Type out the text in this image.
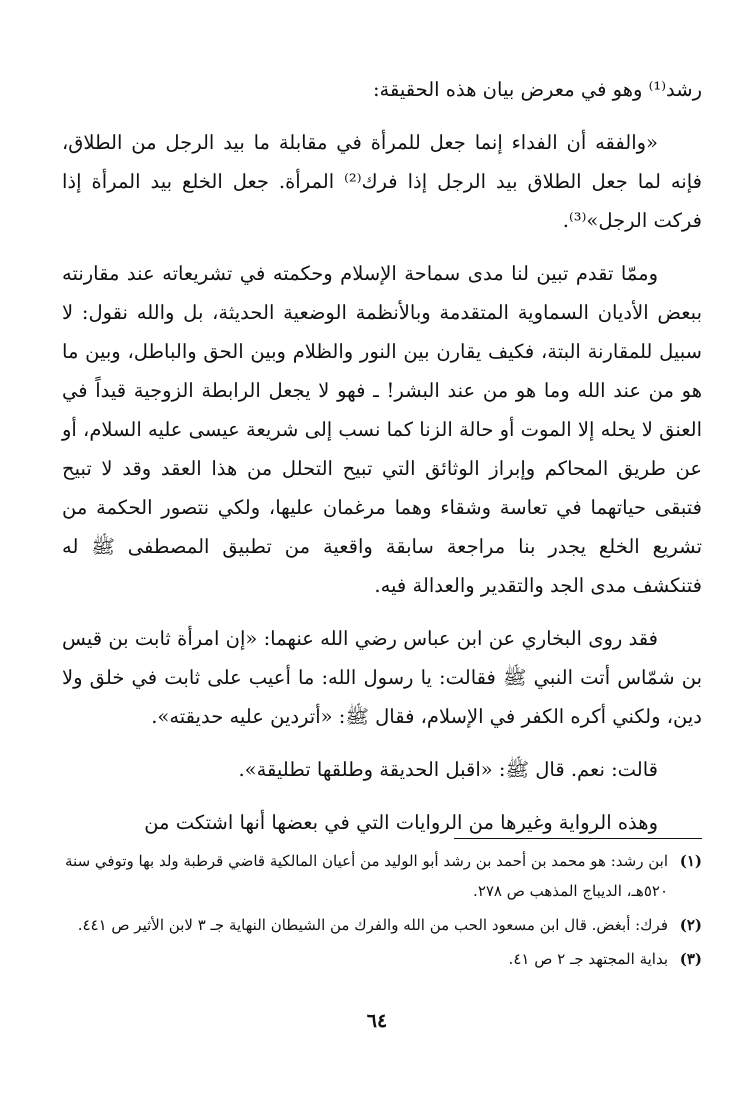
رشد⁽¹⁾ وهو في معرض بيان هذه الحقيقة:

«والفقه أن الفداء إنما جعل للمرأة في مقابلة ما بيد الرجل من الطلاق، فإنه لما جعل الطلاق بيد الرجل إذا فرك⁽²⁾ المرأة. جعل الخلع بيد المرأة إذا فركت الرجل»⁽³⁾.

وممّا تقدم تبين لنا مدى سماحة الإسلام وحكمته في تشريعاته عند مقارنته ببعض الأديان السماوية المتقدمة وبالأنظمة الوضعية الحديثة، بل والله نقول: لا سبيل للمقارنة البتة، فكيف يقارن بين النور والظلام وبين الحق والباطل، وبين ما هو من عند الله وما هو من عند البشر! ـ فهو لا يجعل الرابطة الزوجية قيداً في العنق لا يحله إلا الموت أو حالة الزنا كما نسب إلى شريعة عيسى عليه السلام، أو عن طريق المحاكم وإبراز الوثائق التي تبيح التحلل من هذا العقد وقد لا تبيح فتبقى حياتهما في تعاسة وشقاء وهما مرغمان عليها، ولكي نتصور الحكمة من تشريع الخلع يجدر بنا مراجعة سابقة واقعية من تطبيق المصطفى ﷺ له فتنكشف مدى الجد والتقدير والعدالة فيه.

فقد روى البخاري عن ابن عباس رضي الله عنهما: «إن امرأة ثابت بن قيس بن شمّاس أتت النبي ﷺ فقالت: يا رسول الله: ما أعيب على ثابت في خلق ولا دين، ولكني أكره الكفر في الإسلام، فقال ﷺ: «أتردين عليه حديقته».

قالت: نعم. قال ﷺ: «اقبل الحديقة وطلقها تطليقة».

وهذه الرواية وغيرها من الروايات التي في بعضها أنها اشتكت من

(١)
ابن رشد: هو محمد بن أحمد بن رشد أبو الوليد من أعيان المالكية قاضي قرطبة ولد بها وتوفي سنة ٥٢٠هـ، الديباج المذهب ص ٢٧٨.
(٢)
فرك: أبغض. قال ابن مسعود الحب من الله والفرك من الشيطان النهاية جـ ٣ لابن الأثير ص ٤٤١.
(٣)
بداية المجتهد جـ ٢ ص ٤١.
٦٤
